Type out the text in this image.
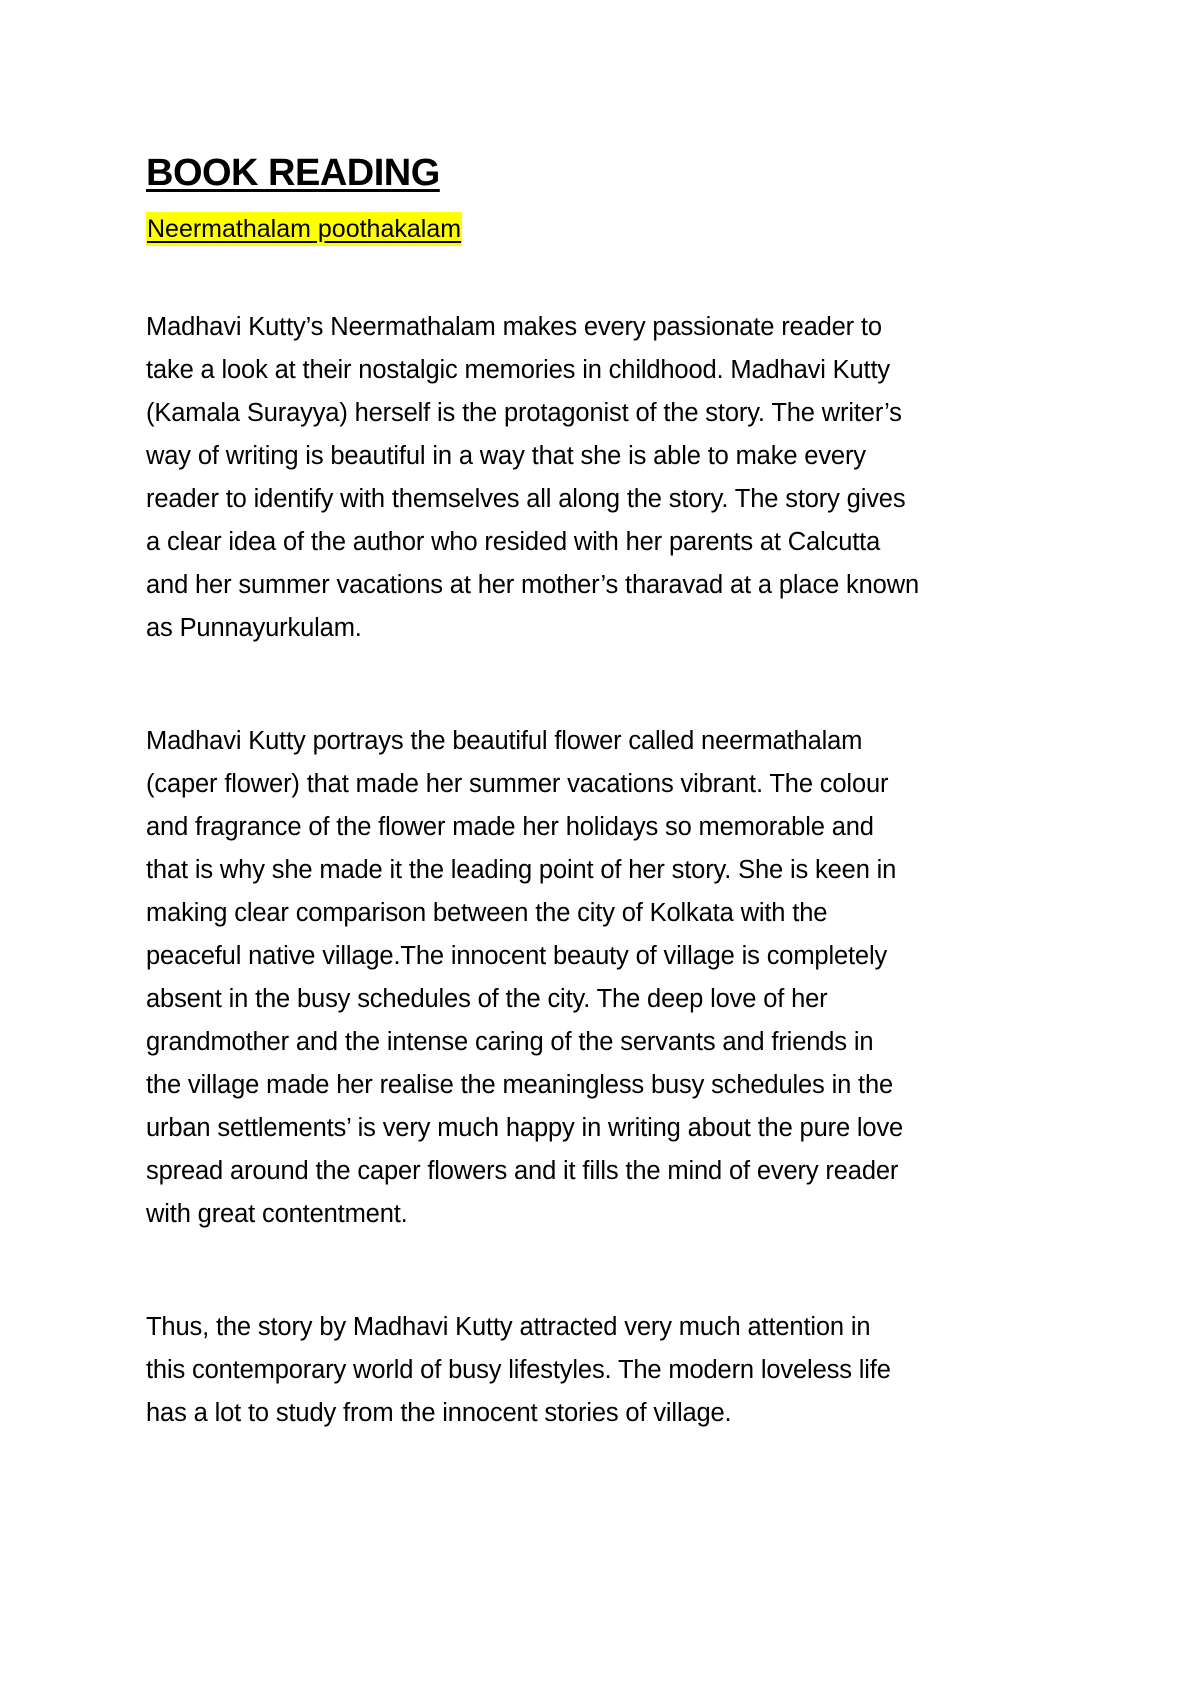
BOOK READING
Neermathalam poothakalam
Madhavi Kutty’s Neermathalam makes every passionate reader to
take a look at their nostalgic memories in childhood. Madhavi Kutty
(Kamala Surayya) herself is the protagonist of the story. The writer’s
way of writing is beautiful in a way that she is able to make every
reader to identify with themselves all along the story. The story gives
a clear idea of the author who resided with her parents at Calcutta
and her summer vacations at her mother’s tharavad at a place known
as Punnayurkulam.
Madhavi Kutty portrays the beautiful flower called neermathalam
(caper flower) that made her summer vacations vibrant. The colour
and fragrance of the flower made her holidays so memorable and
that is why she made it the leading point of her story. She is keen in
making clear comparison between the city of Kolkata with the
peaceful native village.The innocent beauty of village is completely
absent in the busy schedules of the city. The deep love of her
grandmother and the intense caring of the servants and friends in
the village made her realise the meaningless busy schedules in the
urban settlements’ is very much happy in writing about the pure love
spread around the caper flowers and it fills the mind of every reader
with great contentment.
Thus, the story by Madhavi Kutty attracted very much attention in
this contemporary world of busy lifestyles. The modern loveless life
has a lot to study from the innocent stories of village.
